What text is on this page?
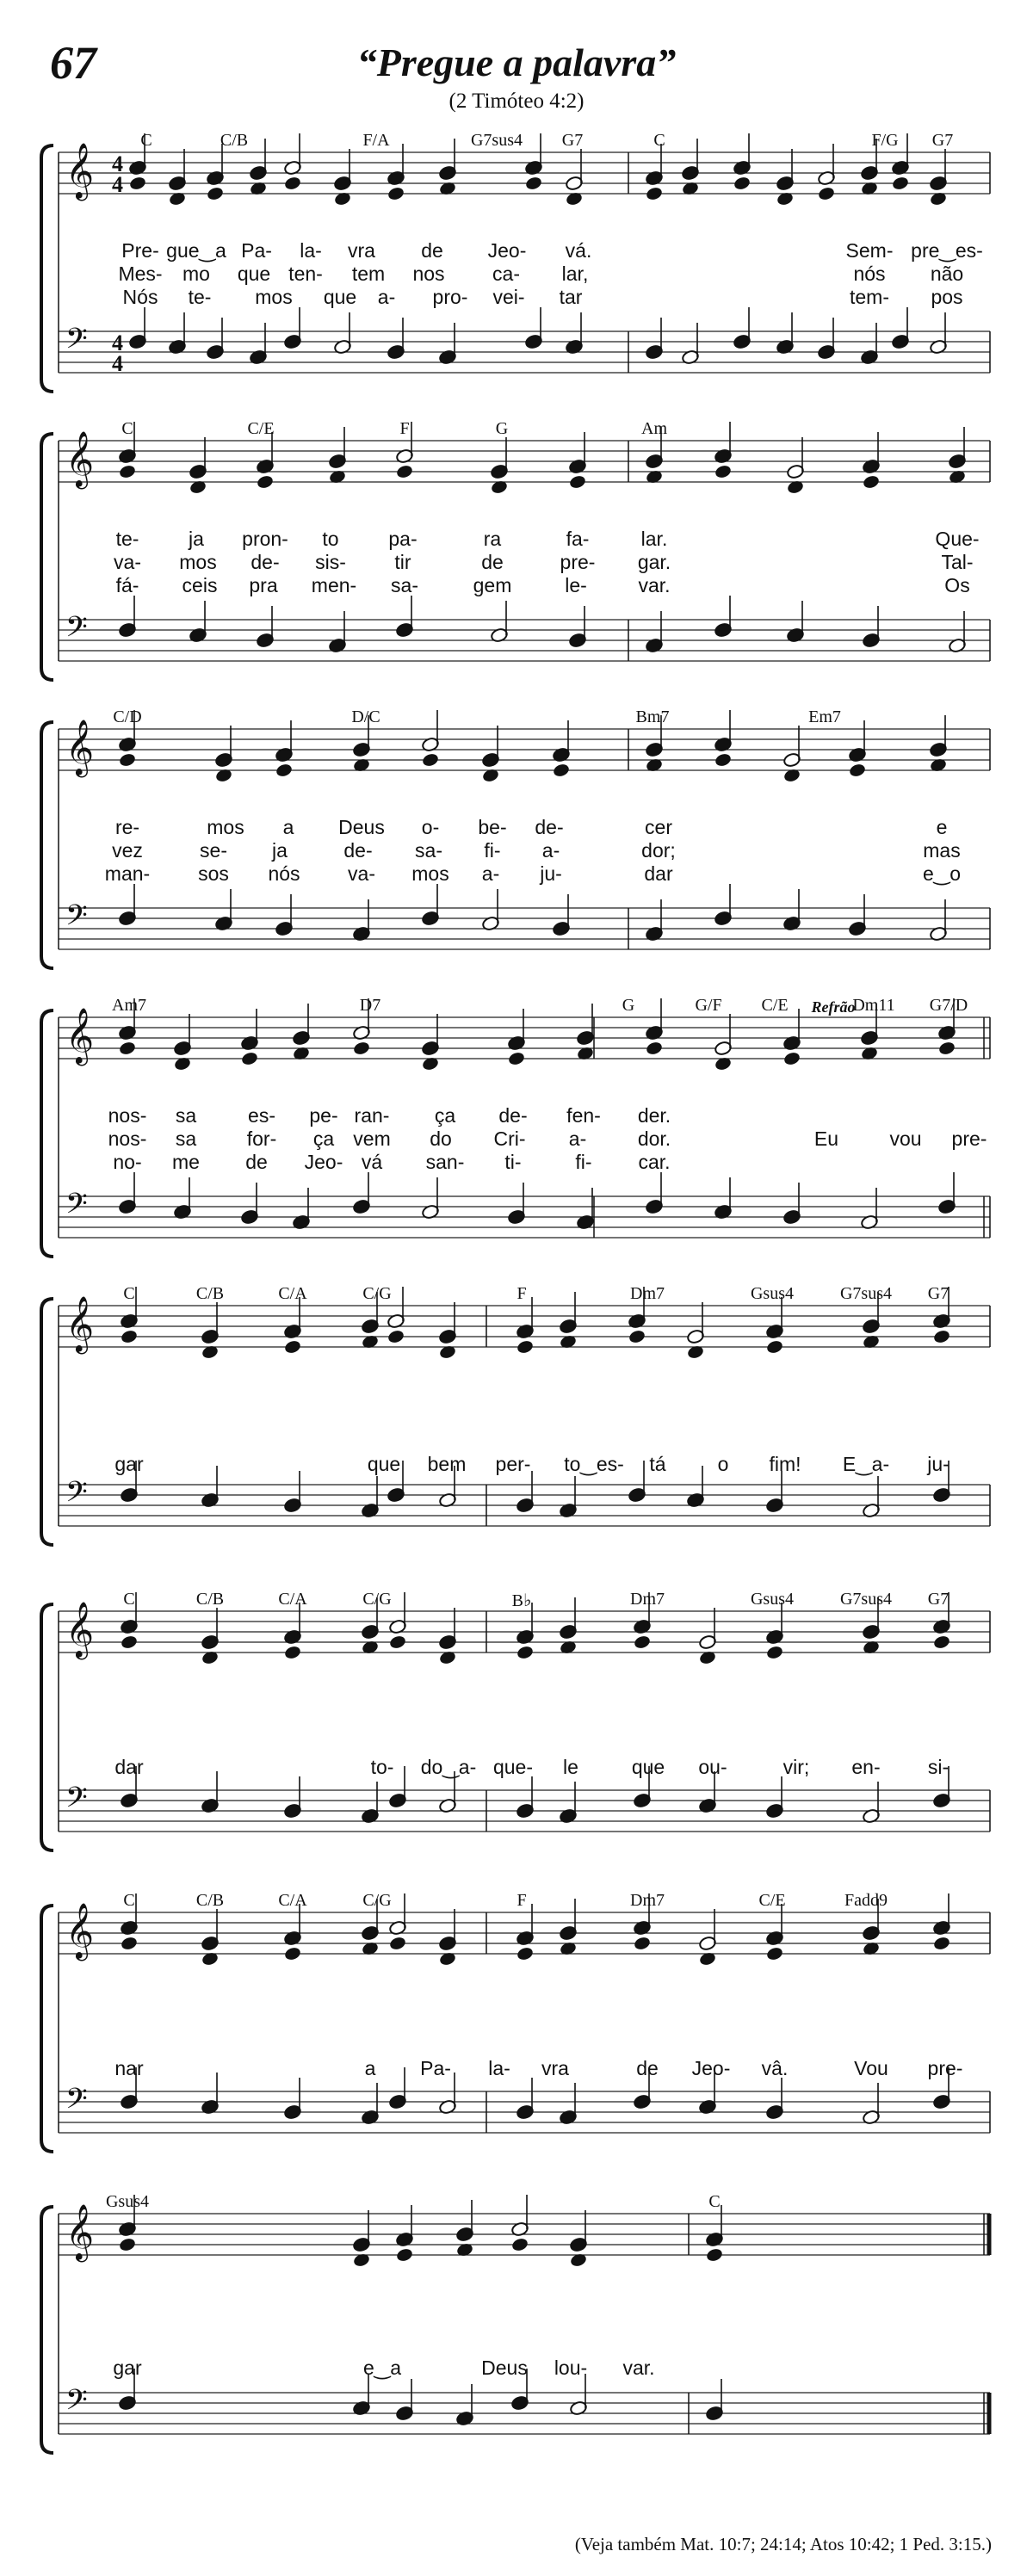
67	“Pregue a palavra”
(2 Timóteo 4:2)
𝄞
𝄢
4
4
4
4
C	C/B	F/A	G7sus4 G7	C	F/G G7
Pre- gue‿a Pa- la- vra de Jeo- vá.	Sem- pre‿es-
Mes- mo que ten- tem nos ca- lar,	nós não
Nós te- mos que a- pro- vei- tar	tem- pos
𝄞
𝄢
C	C/E	F	G	Am
te-	ja pron- to	pa-	ra	fa-	lar.	Que-
va- mos de- sis- tir	de	pre- gar.	Tal-
fá- ceis pra men- sa-	gem	le-	var.	Os
𝄞
𝄢
C/D	D/C	Bm7	Em7
re-	mos a Deus o- be- de-	cer	e
vez	se- ja	de- sa- fi- a-	dor;	mas
man- sos nós va- mos a- ju-	dar	e‿o
𝄞
𝄢
Am7	D7	G	G/F C/E	Dm11 G7/D
nos- sa	es- pe- ran- ça de- fen- der.
nos- sa	for- ça vem do Cri- a-	dor.	Eu	vou pre-
no- me de Jeo- vá san- ti-	fi- car.
Refrão
𝄞
𝄢
C	C/B	C/A	C/G	F	Dm7	Gsus4	G7sus4 G7
gar	que bem per- to‿es- tá	o fim! E‿a- ju-
𝄞
𝄢
C	C/B	C/A	C/G	B♭	Dm7	Gsus4	G7sus4 G7
dar	to- do‿a- que- le	que ou-	vir; en- si-
𝄞
𝄢
C	C/B	C/A	C/G	F	Dm7	C/E	Fadd9
nar	a Pa- la- vra	de Jeo- vâ.	Vou pre-
𝄞
𝄢
Gsus4	C
gar	e‿a	Deus lou- var.
(Veja também Mat. 10:7; 24:14; Atos 10:42; 1 Ped. 3:15.)
